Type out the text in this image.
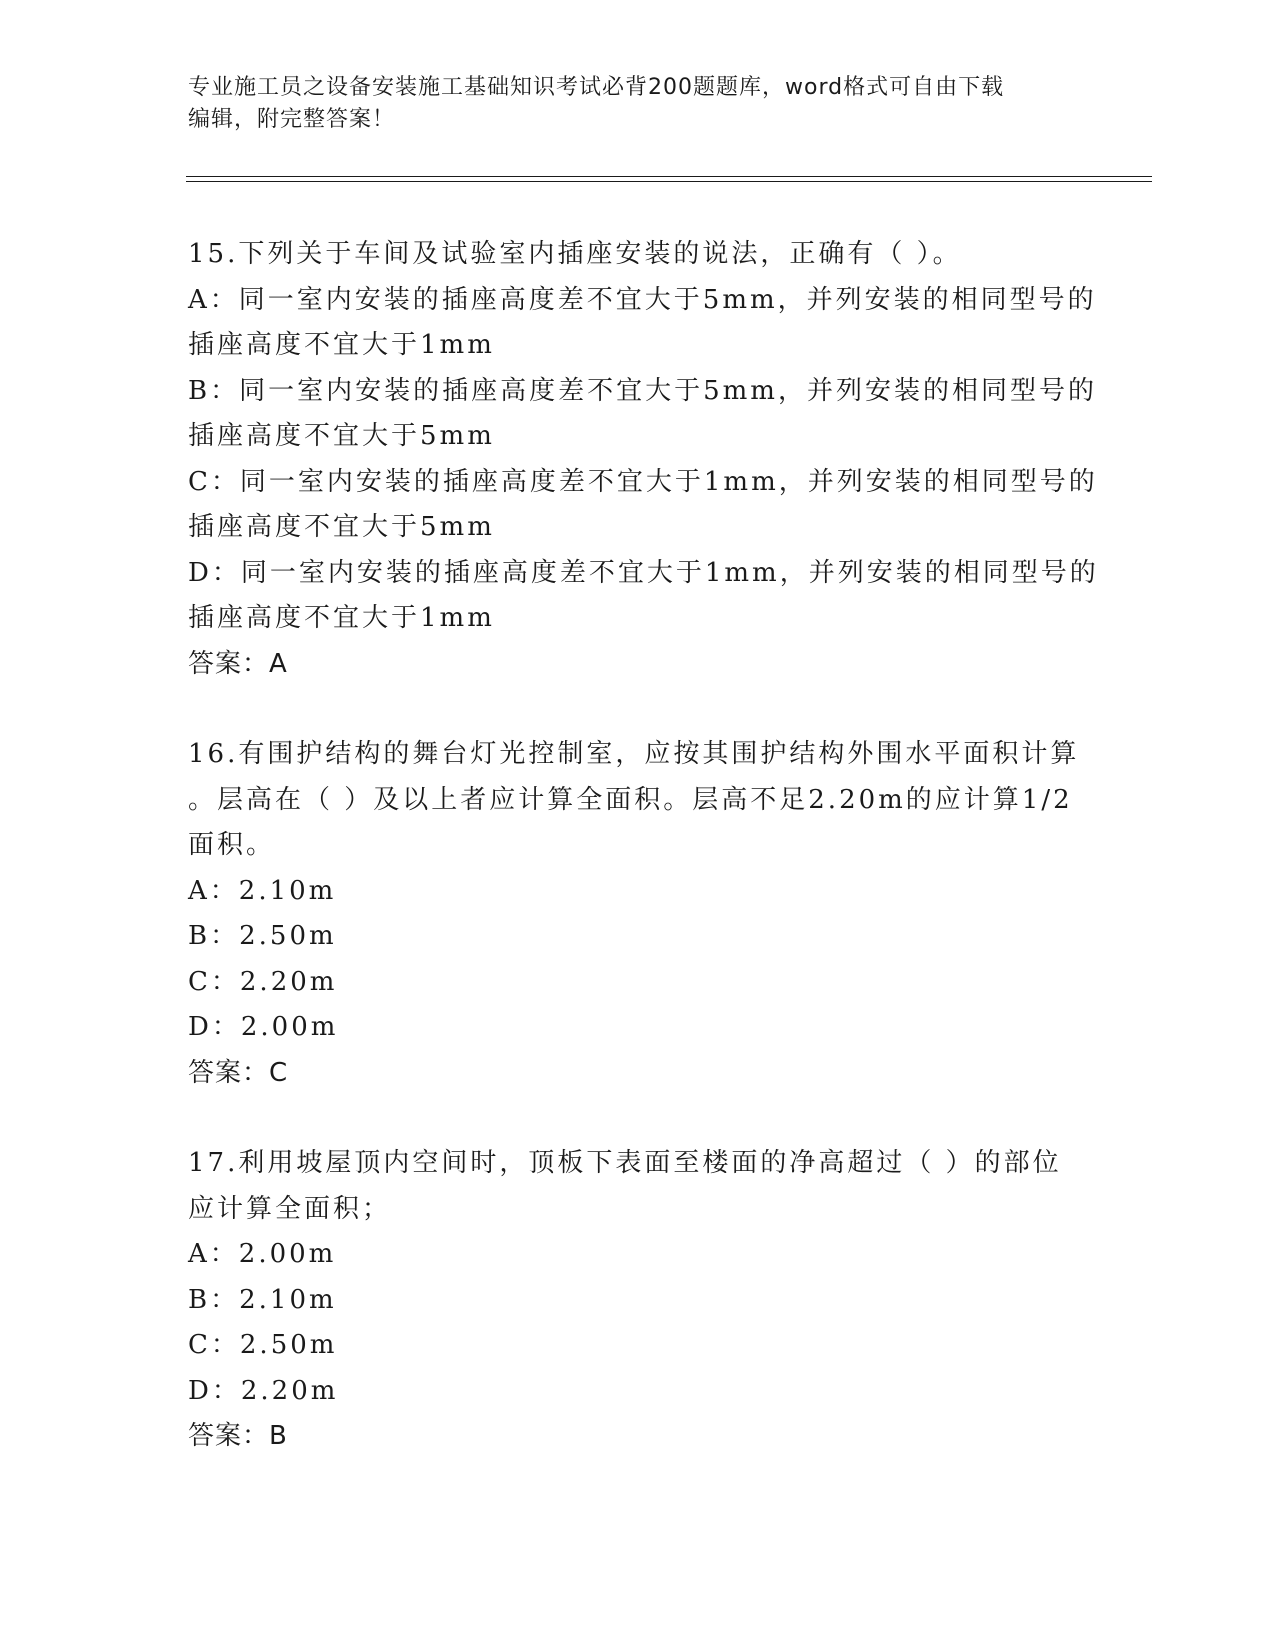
专业施工员之设备安装施工基础知识考试必背200题题库，word格式可自由下载
编辑，附完整答案！
15.下列关于车间及试验室内插座安装的说法，正确有（ ）。
A：同一室内安装的插座高度差不宜大于5mm，并列安装的相同型号的
插座高度不宜大于1mm
B：同一室内安装的插座高度差不宜大于5mm，并列安装的相同型号的
插座高度不宜大于5mm
C：同一室内安装的插座高度差不宜大于1mm，并列安装的相同型号的
插座高度不宜大于5mm
D：同一室内安装的插座高度差不宜大于1mm，并列安装的相同型号的
插座高度不宜大于1mm
答案：A
16.有围护结构的舞台灯光控制室，应按其围护结构外围水平面积计算
。层高在（ ）及以上者应计算全面积。层高不足2.20m的应计算1/2
面积。
A：2.10m
B：2.50m
C：2.20m
D：2.00m
答案：C
17.利用坡屋顶内空间时，顶板下表面至楼面的净高超过（ ）的部位
应计算全面积；
A：2.00m
B：2.10m
C：2.50m
D：2.20m
答案：B
